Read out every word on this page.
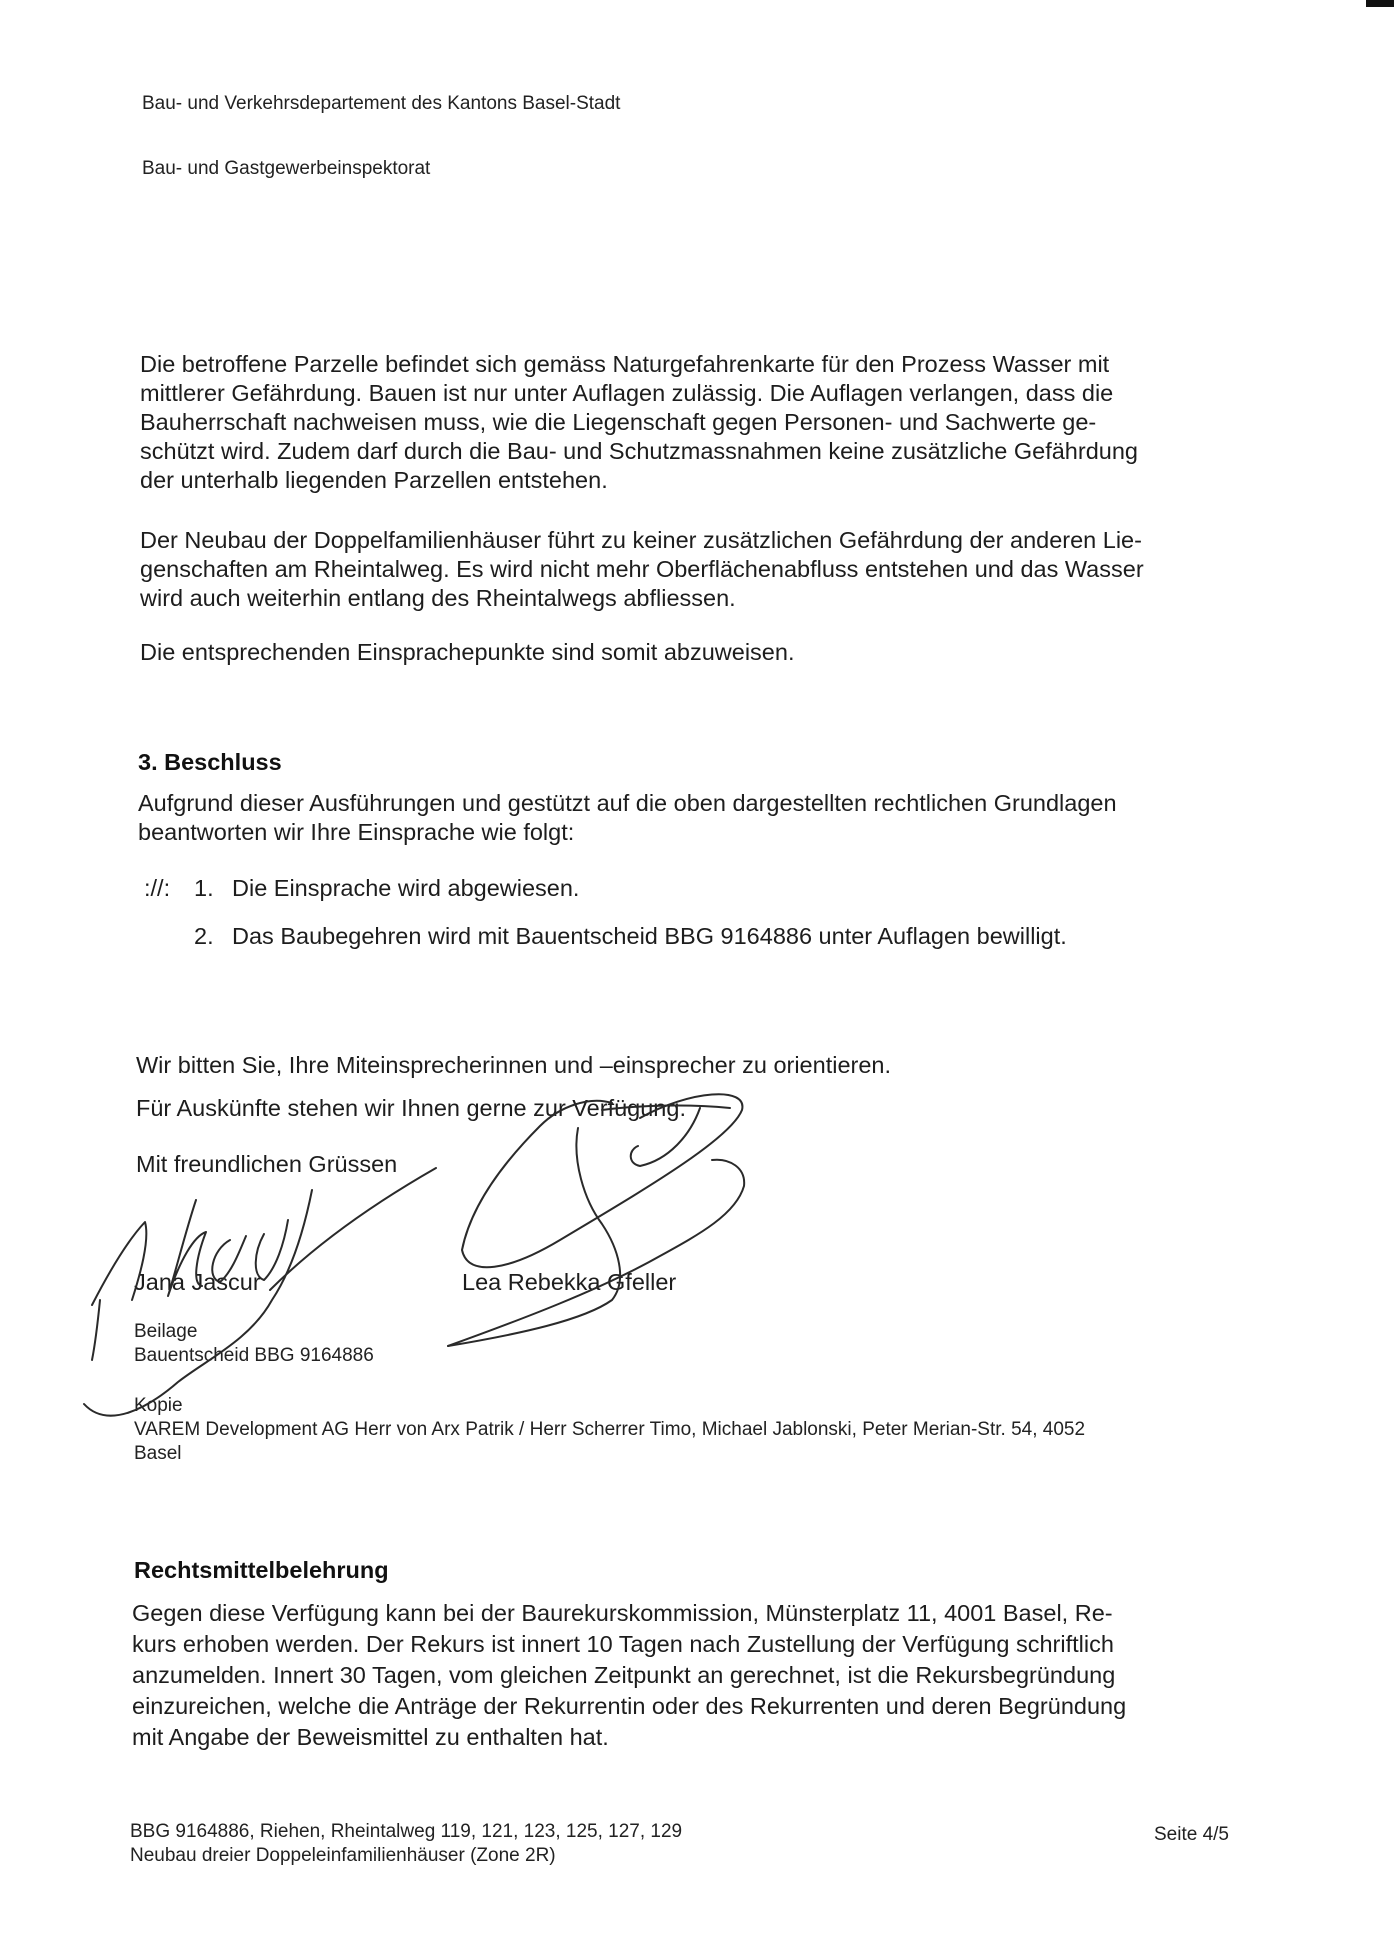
Bau- und Verkehrsdepartement des Kantons Basel-Stadt
Bau- und Gastgewerbeinspektorat

Die betroffene Parzelle befindet sich gemäss Naturgefahrenkarte für den Prozess Wasser mit

mittlerer Gefährdung. Bauen ist nur unter Auflagen zulässig. Die Auflagen verlangen, dass die

Bauherrschaft nachweisen muss, wie die Liegenschaft gegen Personen- und Sachwerte ge-

schützt wird. Zudem darf durch die Bau- und Schutzmassnahmen keine zusätzliche Gefährdung

der unterhalb liegenden Parzellen entstehen.

Der Neubau der Doppelfamilienhäuser führt zu keiner zusätzlichen Gefährdung der anderen Lie-

genschaften am Rheintalweg. Es wird nicht mehr Oberflächenabfluss entstehen und das Wasser

wird auch weiterhin entlang des Rheintalwegs abfliessen.

Die entsprechenden Einsprachepunkte sind somit abzuweisen.
3. Beschluss

Aufgrund dieser Ausführungen und gestützt auf die oben dargestellten rechtlichen Grundlagen

beantworten wir Ihre Einsprache wie folgt:

://: 1. Die Einsprache wird abgewiesen.
2. Das Baubegehren wird mit Bauentscheid BBG 9164886 unter Auflagen bewilligt.
Wir bitten Sie, Ihre Miteinsprecherinnen und –einsprecher zu orientieren.
Für Auskünfte stehen wir Ihnen gerne zur Verfügung.
Mit freundlichen Grüssen
Jana Jascur	Lea Rebekka Gfeller
Beilage
Bauentscheid BBG 9164886
Kopie
VAREM Development AG Herr von Arx Patrik / Herr Scherrer Timo, Michael Jablonski, Peter Merian-Str. 54, 4052
Basel
Rechtsmittelbelehrung

Gegen diese Verfügung kann bei der Baurekurskommission, Münsterplatz 11, 4001 Basel, Re-

kurs erhoben werden. Der Rekurs ist innert 10 Tagen nach Zustellung der Verfügung schriftlich

anzumelden. Innert 30 Tagen, vom gleichen Zeitpunkt an gerechnet, ist die Rekursbegründung

einzureichen, welche die Anträge der Rekurrentin oder des Rekurrenten und deren Begründung

mit Angabe der Beweismittel zu enthalten hat.

BBG 9164886, Riehen, Rheintalweg 119, 121, 123, 125, 127, 129
Neubau dreier Doppeleinfamilienhäuser (Zone 2R)
Seite 4/5
